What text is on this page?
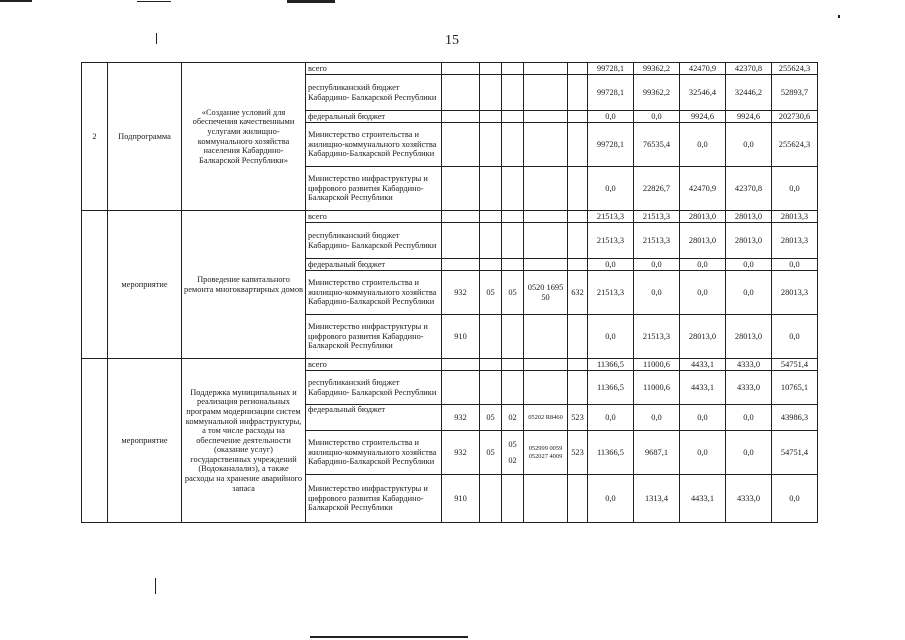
15
2	Подпрограмма	«Создание условий для обеспечения качественными услугами жилищно-коммунального хозяйства населения Кабардино-Балкарской Республики»	всего						99728,1	99362,2	42470,9	42370,8	255624,3
			республиканский бюджет Кабардино- Балкарской Республики						99728,1	99362,2	32546,4	32446,2	52893,7
			федеральный бюджет						0,0	0,0	9924,6	9924,6	202730,6
			Министерство строительства и жилищно-коммунального хозяйства Кабардино-Балкарской Республики						99728,1	76535,4	0,0	0,0	255624,3
			Министерство инфраструктуры и цифрового развития Кабардино-Балкарской Республики						0,0	22826,7	42470,9	42370,8	0,0
	мероприятие	Проведение капитального ремонта многоквартирных домов	всего						21513,3	21513,3	28013,0	28013,0	28013,3
			республиканский бюджет Кабардино- Балкарской Республики						21513,3	21513,3	28013,0	28013,0	28013,3
			федеральный бюджет						0,0	0,0	0,0	0,0	0,0
			Министерство строительства и жилищно-коммунального хозяйства Кабардино-Балкарской Республики	932	05	05	0520 1695 50	632	21513,3	0,0	0,0	0,0	28013,3
			Министерство инфраструктуры и цифрового развития Кабардино-Балкарской Республики	910					0,0	21513,3	28013,0	28013,0	0,0
	мероприятие	Поддержка муниципальных и реализация региональных программ модернизации систем коммунальной инфраструктуры, а том числе расходы на обеспечение деятельности (оказание услуг) государственных учреждений (Водоканалализ), а также расходы на хранение аварийного запаса	всего						11366,5	11000,6	4433,1	4333,0	54751,4
			республиканский бюджет Кабардино- Балкарской Республики						11366,5	11000,6	4433,1	4333,0	10765,1
			федеральный бюджет	932	05	02	05202 R8460	523	0,0	0,0	0,0	0,0	43986,3
			Министерство строительства и жилищно-коммунального хозяйства Кабардино-Балкарской Республики	932	05	05 02	052999 0059 052027 4009	523	11366,5	9687,1	0,0	0,0	54751,4
			Министерство инфраструктуры и цифрового развития Кабардино-Балкарской Республики	910					0,0	1313,4	4433,1	4333,0	0,0
